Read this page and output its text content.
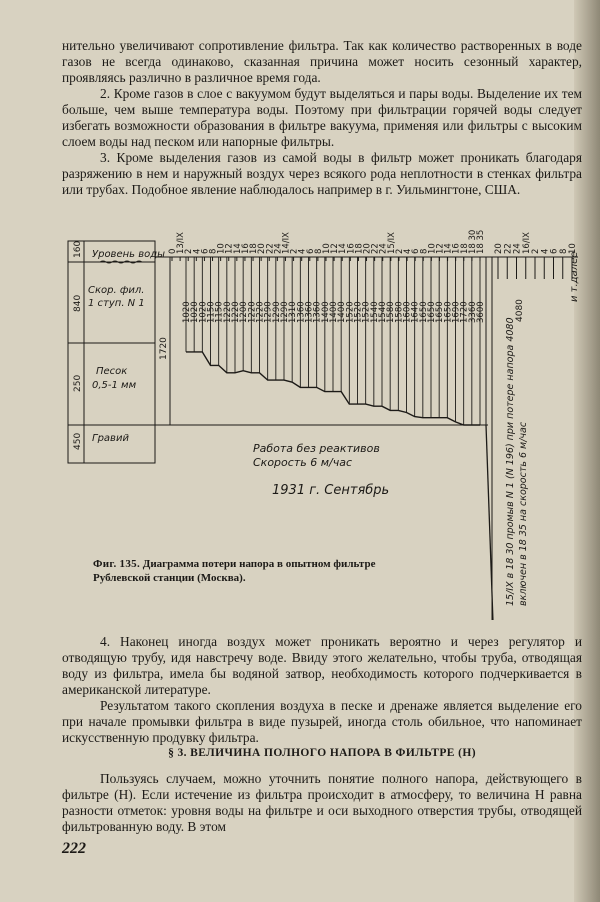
нительно увеличивают сопротивление фильтра. Так как количество растворенных в воде газов не всегда одинаково, сказанная причина может носить сезонный характер, проявляясь различно в различное время года.

2. Кроме газов в слое с вакуумом будут выделяться и пары воды. Выделение их тем больше, чем выше температура воды. Поэтому при фильтрации горячей воды следует избегать возможности образования в фильтре вакуума, применяя или фильтры с высоким слоем воды над песком или напорные фильтры.

3. Кроме выделения газов из самой воды в фильтр может проникать благодаря разряжению в нем и наружный воздух через всякого рода неплотности в стенках фильтра или трубах. Подобное явление наблюдалось например в г. Уильмингтоне, США.

0
13/IX
2
4
6
8
10
12
14
16
18
20
22
24
14/IX
2
4
6
8
10
12
14
16
18
20
22
24
15/IX
2
4
6
8
10
12
14
16
18
18 30
18 35 20 22 24 16/IX 2 4 6 8 10
1020
1020
1020
1150
1150
1220
1220
1200
1220
1220
1290
1290
1290
1310
1360
1360
1360
1400
1400
1400
1520
1520
1520
1540
1540
1580
1580
1600
1640
1650
1650
1650
1650
1690
1720
3360
3600
Уровень воды
Скор. фил.
1 ступ. N 1
Песок
0,5-1 мм
Гравий
160
840
250
450
1720
Работа без реактивов
Скорость 6 м/час
1931 г. Сентябрь
и т.далее
4080
15/IX в 18 30 промыв N 1 (N 196) при потере напора 4080 включен в 18 35 на скорость 6 м/час
Фиг. 135. Диаграмма потери напора в опытном фильтре Рублевской станции (Москва).

4. Наконец иногда воздух может проникать вероятно и через регулятор и отводящую трубу, идя навстречу воде. Ввиду этого желательно, чтобы труба, отводящая воду из фильтра, имела бы водяной затвор, необходимость которого подчеркивается в американской литературе.

Результатом такого скопления воздуха в песке и дренаже является выделение его при начале промывки фильтра в виде пузырей, иногда столь обильное, что напоминает искусственную продувку фильтра.

§ 3. ВЕЛИЧИНА ПОЛНОГО НАПОРА В ФИЛЬТРЕ (Н)

Пользуясь случаем, можно уточнить понятие полного напора, действующего в фильтре (Н). Если истечение из фильтра происходит в атмосферу, то величина Н равна разности отметок: уровня воды на фильтре и оси выходного отверстия трубы, отводящей фильтрованную воду. В этом

222
